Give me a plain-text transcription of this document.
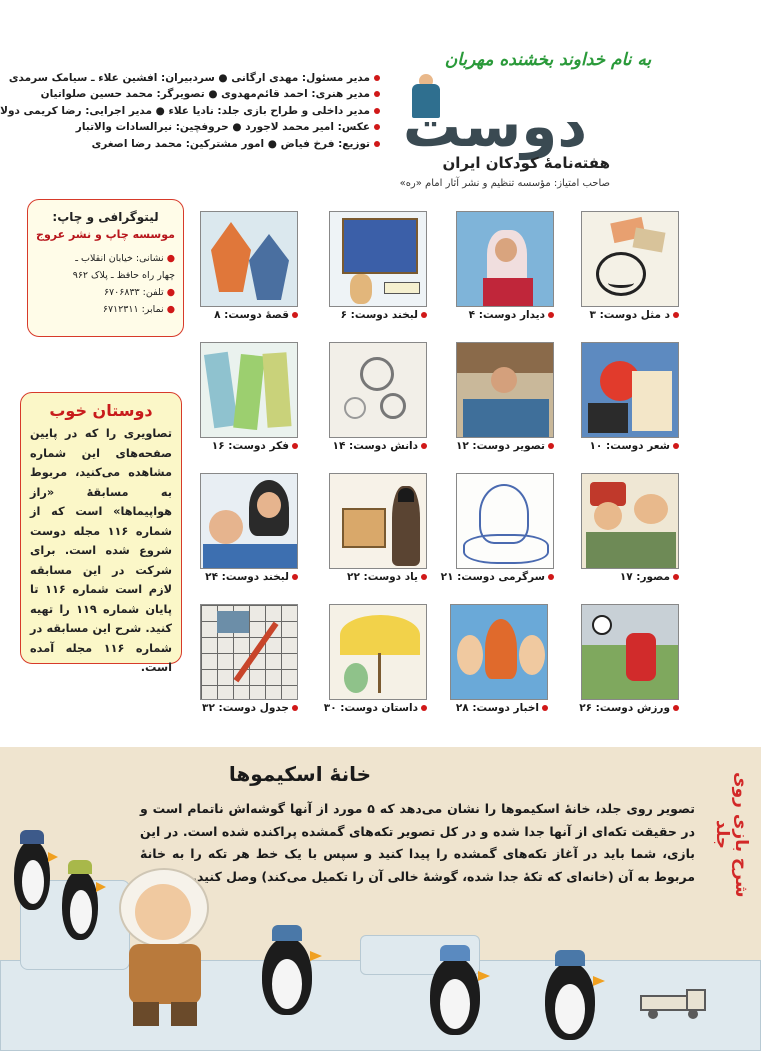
به نام خداوند بخشنده مهربان
دوست
هفته‌نامهٔ کودکان ایران
صاحب امتیاز: مؤسسه تنظیم و نشر آثار امام «ره»
مدیر مسئول: مهدی ارگانی ● سردبیران: افشین علاء ـ سیامک سرمدی
مدیر هنری: احمد قائم‌مهدوی ● تصویرگر: محمد حسین صلواتیان
مدیر داخلی و طراح بازی جلد: نادیا علاء ● مدیر اجرایی: رضا کریمی دولا
عکس: امیر محمد لاجورد ● حروفچین: نیرالسادات والاتبار
توزیع: فرخ فیاض ● امور مشترکین: محمد رضا اصغری
لیتوگرافی و چاپ:
موسسه چاپ و نشر عروج
●نشانی: خیابان انقلاب ـ
چهار راه حافظ ـ پلاک ۹۶۲
●تلفن: ۶۷۰۶۸۳۳
●نمابر: ۶۷۱۲۳۱۱
دوستان خوب
تصاویری را که در پایین صفحه‌های این شماره مشاهده می‌کنید، مربوط به مسابقهٔ «راز هواپیماها» است که از شماره ۱۱۶ مجله دوست شروع شده است. برای شرکت در این مسابقه لازم است شماره ۱۱۶ تا پایان شماره ۱۱۹ را تهیه کنید. شرح این مسابقه در شماره ۱۱۶ مجله آمده است.
د مثل دوست: ۳
دیدار دوست: ۴
لبخند دوست: ۶
قصهٔ دوست: ۸
شعر دوست: ۱۰
تصویر دوست: ۱۲
دانش دوست: ۱۴
فکر دوست: ۱۶
مصور: ۱۷
سرگرمی دوست: ۲۱
یاد دوست: ۲۲
لبخند دوست: ۲۴
ورزش دوست: ۲۶
اخبار دوست: ۲۸
داستان دوست: ۳۰
جدول دوست: ۳۲
شرح بازی روی جلد
خانهٔ اسکیموها
تصویر روی جلد، خانهٔ اسکیموها را نشان می‌دهد که ۵ مورد از آنها گوشه‌اش ناتمام است و در حقیقت تکه‌ای از آنها جدا شده و در کل تصویر تکه‌های گمشده پراکنده شده است. در این بازی، شما باید در آغاز تکه‌های گمشده را پیدا کنید و سپس با یک خط هر تکه را به خانهٔ مربوط به آن (خانه‌ای که تکهٔ جدا شده، گوشهٔ خالی آن را تکمیل می‌کند) وصل کنید.
